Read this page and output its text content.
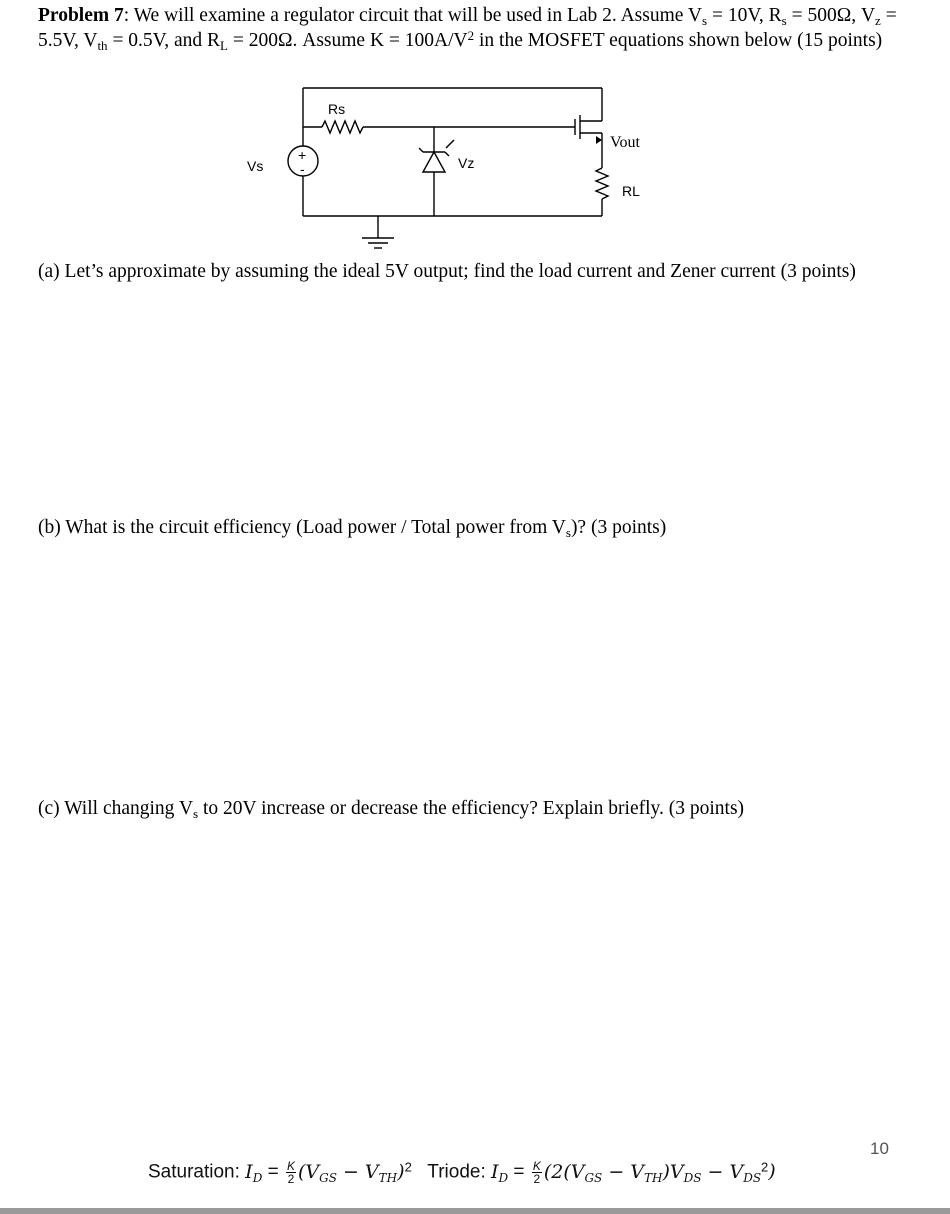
Problem 7: We will examine a regulator circuit that will be used in Lab 2. Assume $V_s = 10V$, $R_s = 500\Omega$, $V_z = 5.5V$, $V_{th} = 0.5V$, and $R_L = 200\Omega$. Assume $K = 100A/V^2$ in the MOSFET equations shown below (15 points)

Rs
Vs
+
-	Vz
Vout
RL

(a) Let’s approximate by assuming the ideal 5V output; find the load current and Zener current (3 points)

(b) What is the circuit efficiency (Load power / Total power from $V_s$)? (3 points)

(c) Will changing $V_s$ to 20V increase or decrease the efficiency? Explain briefly. (3 points)

10
Saturation: $I_D = \frac{K}{2} (V_{GS} - V_{TH})^2$ Triode: $I_D = \frac{K}{2} (2(V_{GS} - V_{TH})V_{DS} - V_{DS}^2)$
